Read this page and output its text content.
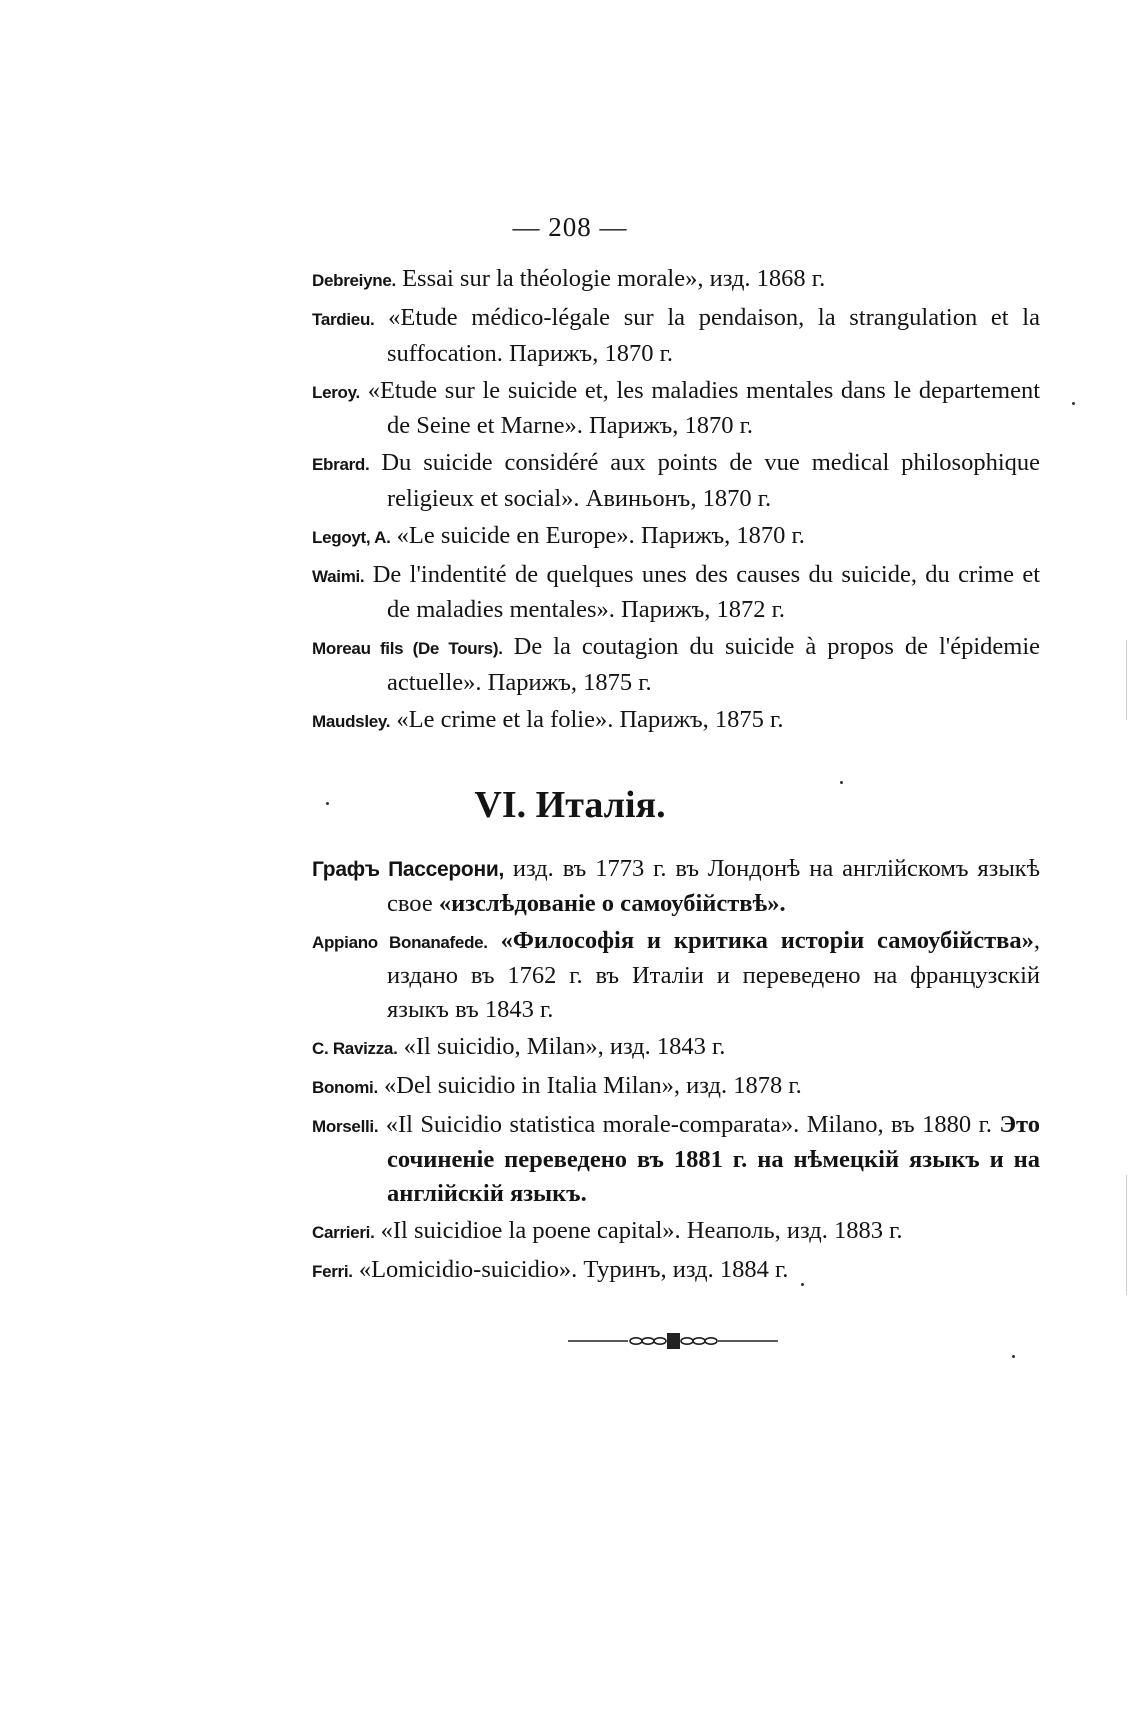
— 208 —
Debreiyne. Essai sur la théologie morale», изд. 1868 г.
Tardieu. «Etude médico-légale sur la pendaison, la strangulation et la suffocation. Парижъ, 1870 г.
Leroy. «Etude sur le suicide et, les maladies mentales dans le departement de Seine et Marne». Парижъ, 1870 г.
Ebrard. Du suicide considéré aux points de vue medical philosophique religieux et social». Авиньонъ, 1870 г.
Legoyt, A. «Le suicide en Europe». Парижъ, 1870 г.
Waimi. De l'indentité de quelques unes des causes du suicide, du crime et de maladies mentales». Парижъ, 1872 г.
Moreau fils (De Tours). De la coutagion du suicide à propos de l'épidemie actuelle». Парижъ, 1875 г.
Maudsley. «Le crime et la folie». Парижъ, 1875 г.
VI. Италія.
Графъ Пассерони, изд. въ 1773 г. въ Лондонѣ на англійскомъ языкѣ свое «изслѣдованіе о самоубійствѣ».
Appiano Bonanafede. «Философія и критика исторіи самоубійства», издано въ 1762 г. въ Италіи и переведено на французскій языкъ въ 1843 г.
C. Ravizza. «Il suicidio, Milan», изд. 1843 г.
Bonomi. «Del suicidio in Italia Milan», изд. 1878 г.
Morselli. «Il Suicidio statistica morale-comparata». Milano, въ 1880 г. Это сочиненіе переведено въ 1881 г. на нѣмецкій языкъ и на англійскій языкъ.
Carrieri. «Il suicidioe la poene capital». Неаполь, изд. 1883 г.
Ferri. «Lomicidio-suicidio». Туринъ, изд. 1884 г.
